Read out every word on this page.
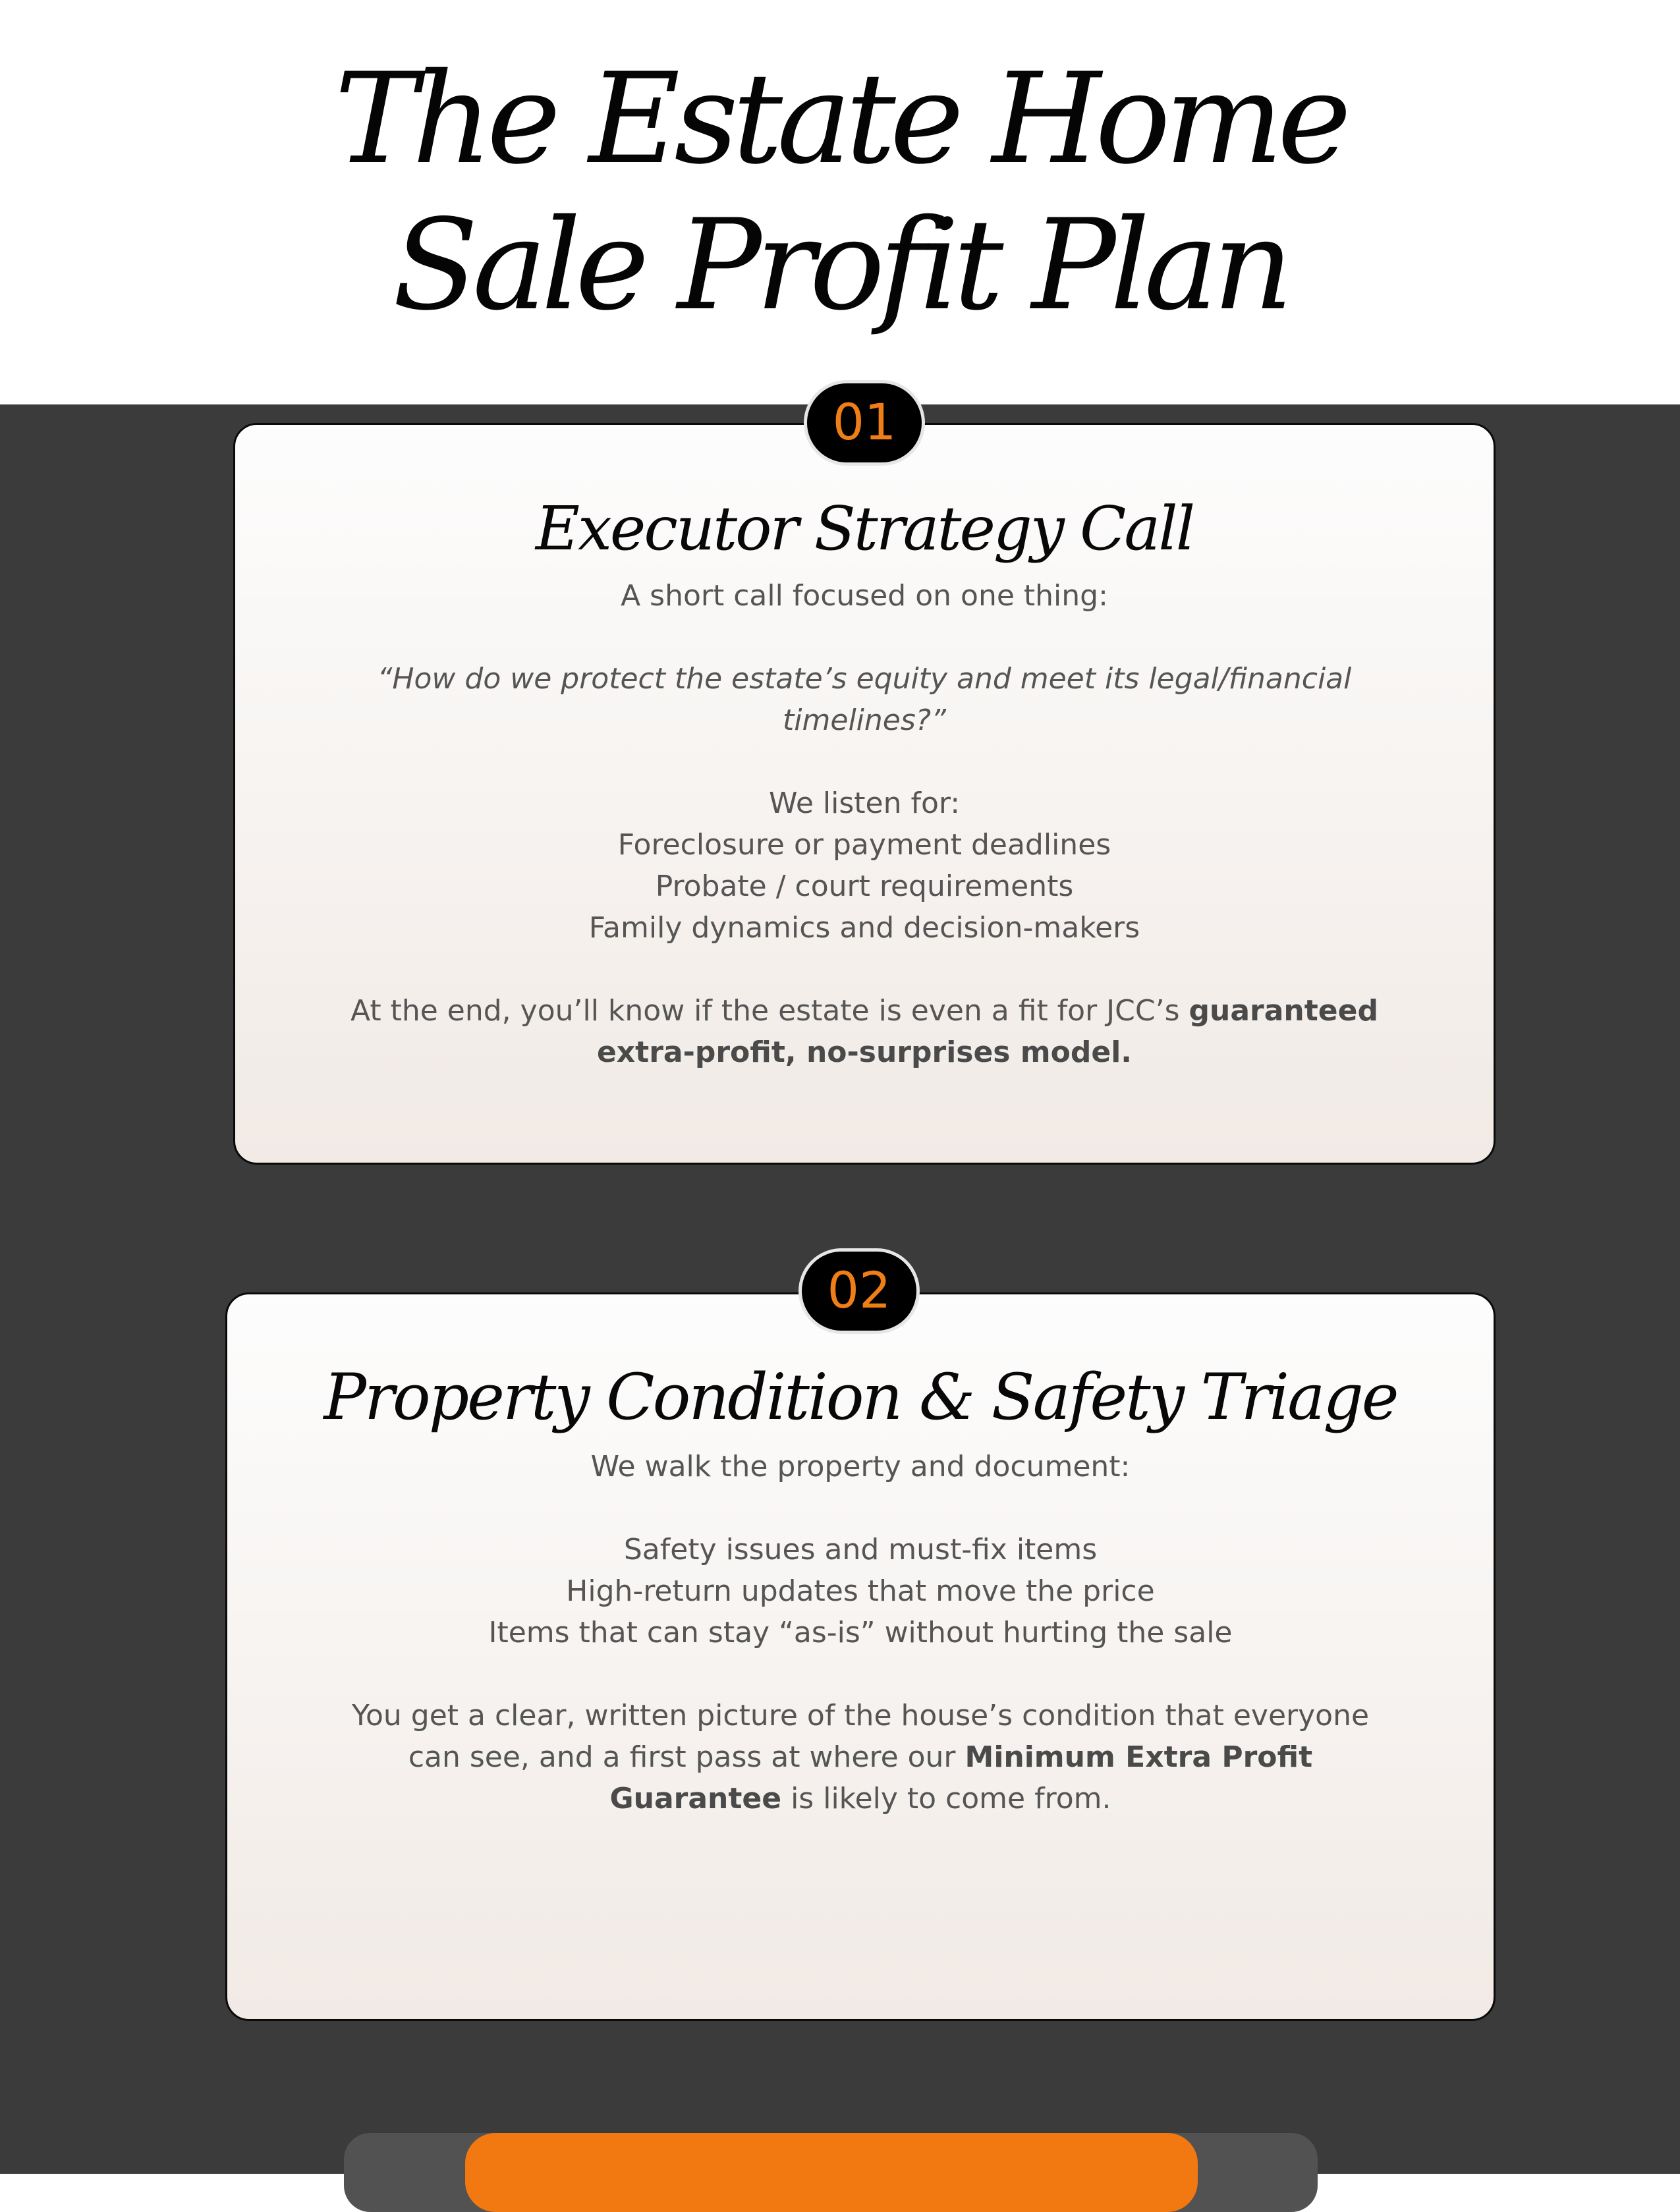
The Estate Home
Sale Profit Plan
Executor Strategy Call

A short call focused on one thing:

“How do we protect the estate’s equity and meet its legal/financial

timelines?”

We listen for:

Foreclosure or payment deadlines

Probate / court requirements

Family dynamics and decision-makers

At the end, you’ll know if the estate is even a fit for JCC’s guaranteed

extra-profit, no-surprises model.

01
Property Condition & Safety Triage

We walk the property and document:

Safety issues and must-fix items

High-return updates that move the price

Items that can stay “as-is” without hurting the sale

You get a clear, written picture of the house’s condition that everyone

can see, and a first pass at where our Minimum Extra Profit

Guarantee is likely to come from.

02
